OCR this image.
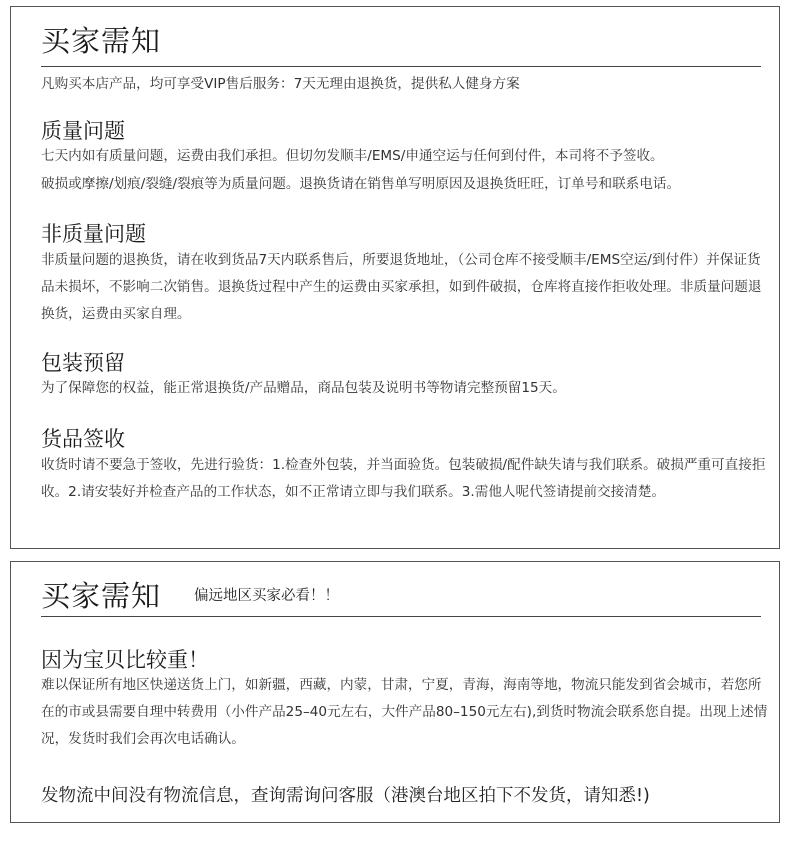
买家需知
凡购买本店产品，均可享受VIP售后服务：7天无理由退换货，提供私人健身方案
质量问题
七天内如有质量问题，运费由我们承担。但切勿发顺丰/EMS/申通空运与任何到付件，本司将不予签收。
破损或摩擦/划痕/裂缝/裂痕等为质量问题。退换货请在销售单写明原因及退换货旺旺，订单号和联系电话。
非质量问题
非质量问题的退换货，请在收到货品7天内联系售后，所要退货地址，（公司仓库不接受顺丰/EMS空运/到付件）并保证货品未损坏，不影响二次销售。退换货过程中产生的运费由买家承担，如到件破损，仓库将直接作拒收处理。非质量问题退换货，运费由买家自理。
包装预留
为了保障您的权益，能正常退换货/产品赠品，商品包装及说明书等物请完整预留15天。
货品签收
收货时请不要急于签收，先进行验货：1.检查外包装，并当面验货。包装破损/配件缺失请与我们联系。破损严重可直接拒收。2.请安装好并检查产品的工作状态，如不正常请立即与我们联系。3.需他人呢代签请提前交接清楚。
买家需知 偏远地区买家必看！！
因为宝贝比较重！
难以保证所有地区快递送货上门，如新疆，西藏，内蒙，甘肃，宁夏，青海，海南等地，物流只能发到省会城市，若您所在的市或县需要自理中转费用（小件产品25–40元左右，大件产品80–150元左右),到货时物流会联系您自提。出现上述情况，发货时我们会再次电话确认。
发物流中间没有物流信息，查询需询问客服（港澳台地区拍下不发货，请知悉!)
